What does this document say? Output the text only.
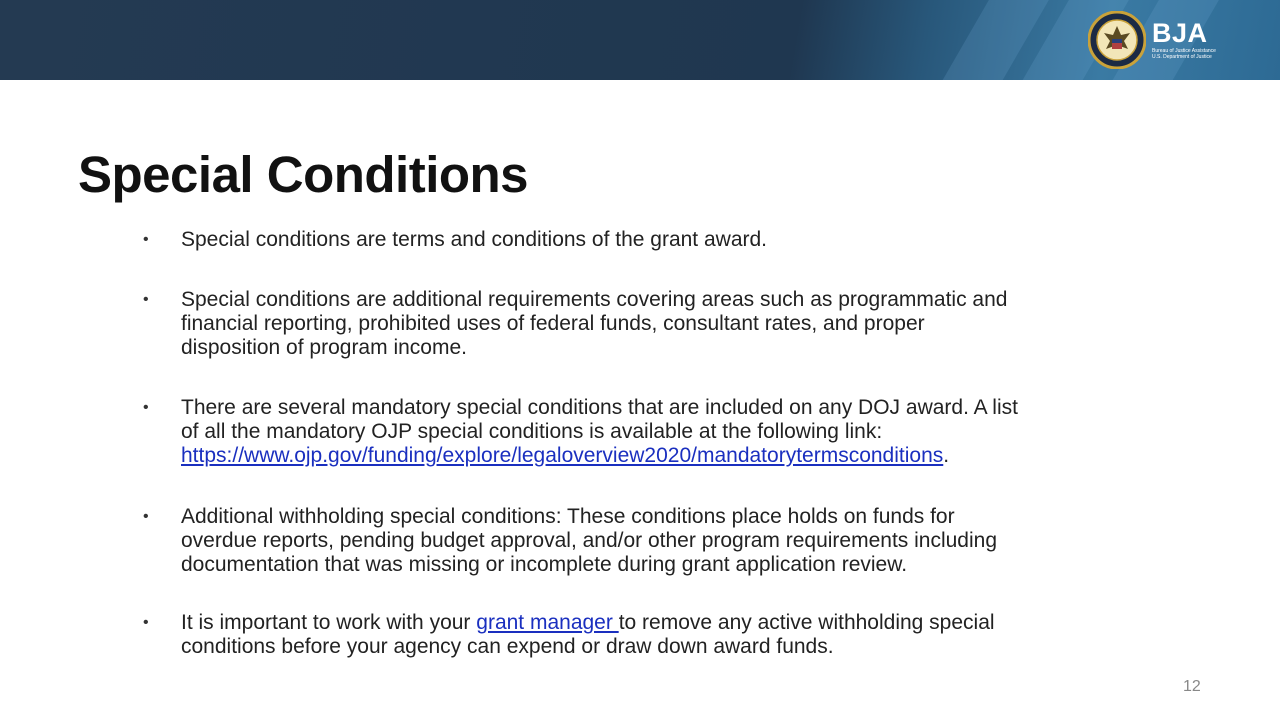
BJA
Bureau of Justice Assistance U.S. Department of Justice
Special Conditions
• Special conditions are terms and conditions of the grant award.
• Special conditions are additional requirements covering areas such as programmatic and
financial reporting, prohibited uses of federal funds, consultant rates, and proper
disposition of program income.
• There are several mandatory special conditions that are included on any DOJ award. A list
of all the mandatory OJP special conditions is available at the following link:
https://www.ojp.gov/funding/explore/legaloverview2020/mandatorytermsconditions.
• Additional withholding special conditions: These conditions place holds on funds for
overdue reports, pending budget approval, and/or other program requirements including
documentation that was missing or incomplete during grant application review.
• It is important to work with your grant manager to remove any active withholding special
conditions before your agency can expend or draw down award funds.
12
